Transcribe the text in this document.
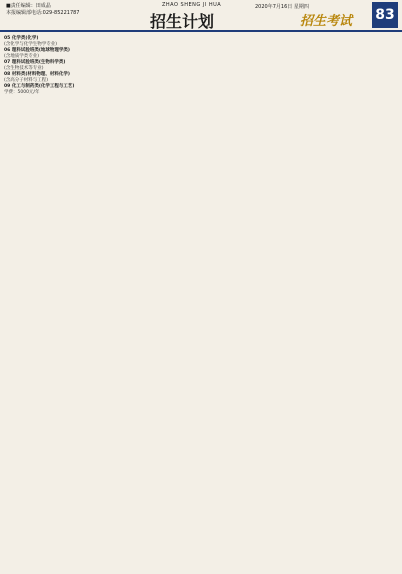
■责任编辑：田成晶
本报编辑部电话:029-85221787
ZHAO SHENG JI HUA
招生计划
2020年7月16日 星期四
招生考试 83
05 化学类(化学)
(含化学与化学生物学专业)
06 理科试验班类(地球物理学类)
(含地质学类专业)
07 理科试验班类(生物科学类)
(含生物技术等专业)
08 材料类(材料物理、材料化学)
(含高分子材料与工程)
09 化工与制药类(化学工程与工艺)
学费：5000元/年
